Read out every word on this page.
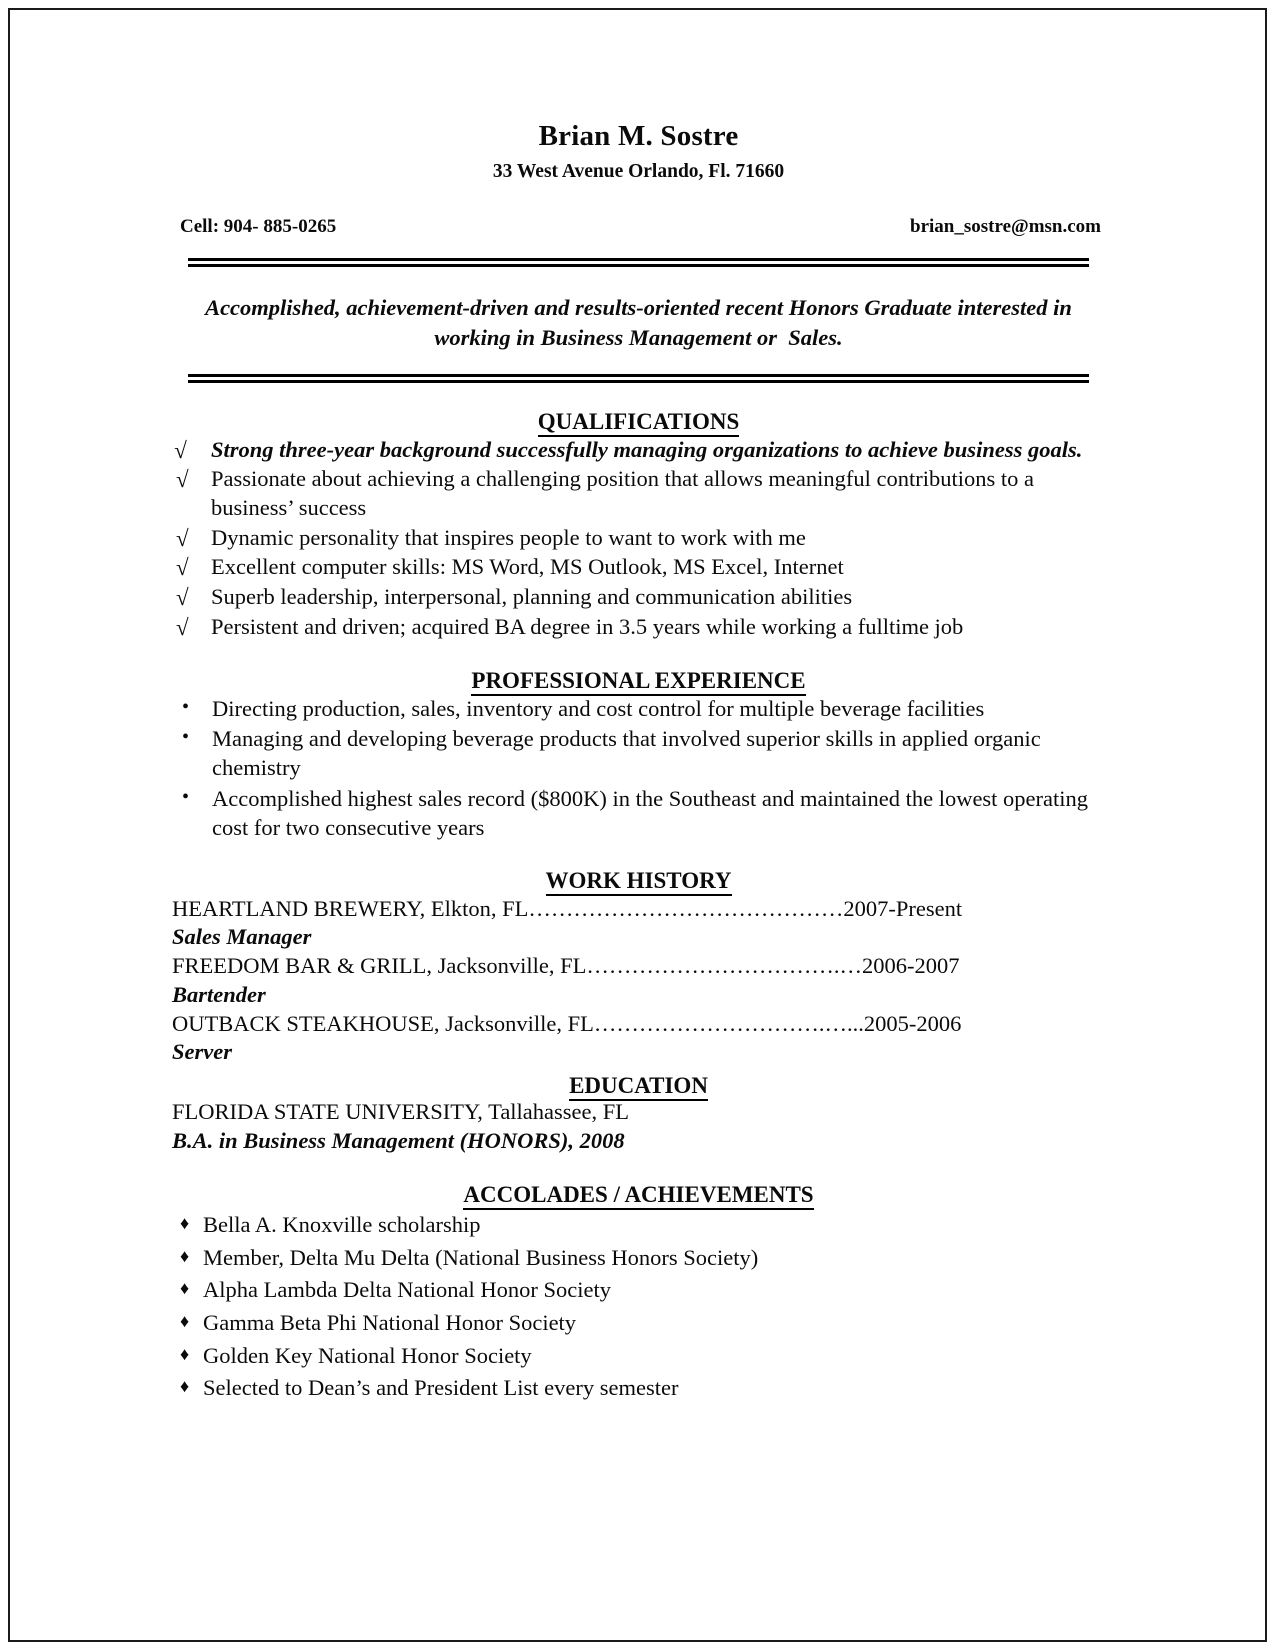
Brian M. Sostre
33 West Avenue Orlando, Fl. 71660
Cell: 904- 885-0265	brian_sostre@msn.com
Accomplished, achievement-driven and results-oriented recent Honors Graduate interested in working in Business Management or  Sales.
QUALIFICATIONS
√ Strong three-year background successfully managing organizations to achieve business goals.
√ Passionate about achieving a challenging position that allows meaningful contributions to a business’ success
√ Dynamic personality that inspires people to want to work with me
√ Excellent computer skills: MS Word, MS Outlook, MS Excel, Internet
√ Superb leadership, interpersonal, planning and communication abilities
√ Persistent and driven; acquired BA degree in 3.5 years while working a fulltime job
PROFESSIONAL EXPERIENCE
• Directing production, sales, inventory and cost control for multiple beverage facilities
• Managing and developing beverage products that involved superior skills in applied organic chemistry
• Accomplished highest sales record ($800K) in the Southeast and maintained the lowest operating cost for two consecutive years
WORK HISTORY
HEARTLAND BREWERY, Elkton, FL……………………………………2007-Present
Sales Manager
FREEDOM BAR & GRILL, Jacksonville, FL…………………………….…2006-2007
Bartender
OUTBACK STEAKHOUSE, Jacksonville, FL………………………….…...2005-2006
Server
EDUCATION
FLORIDA STATE UNIVERSITY, Tallahassee, FL
B.A. in Business Management (HONORS), 2008
ACCOLADES / ACHIEVEMENTS
♦ Bella A. Knoxville scholarship
♦ Member, Delta Mu Delta (National Business Honors Society)
♦ Alpha Lambda Delta National Honor Society
♦ Gamma Beta Phi National Honor Society
♦ Golden Key National Honor Society
♦ Selected to Dean’s and President List every semester
